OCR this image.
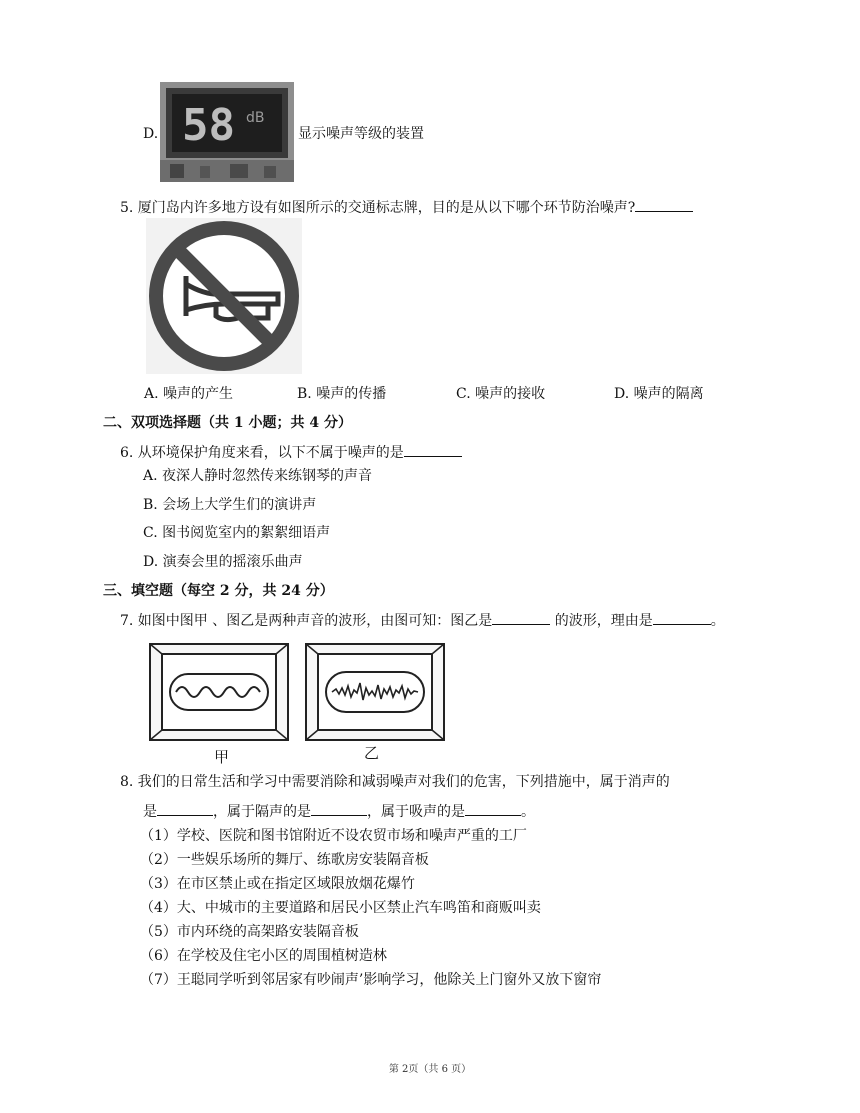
D. 58 dB
显示噪声等级的装置
5. 厦门岛内许多地方设有如图所示的交通标志牌，目的是从以下哪个环节防治噪声?
A. 噪声的产生	B. 噪声的传播	C. 噪声的接收	D. 噪声的隔离
二、双项选择题（共 1 小题；共 4 分）
6. 从环境保护角度来看，以下不属于噪声的是
A. 夜深人静时忽然传来练钢琴的声音
B. 会场上大学生们的演讲声
C. 图书阅览室内的絮絮细语声
D. 演奏会里的摇滚乐曲声
三、填空题（每空 2 分，共 24 分）
7. 如图中图甲 、图乙是两种声音的波形，由图可知：图乙是	的波形，理由是	。
甲	乙
8. 我们的日常生活和学习中需要消除和减弱噪声对我们的危害，下列措施中，属于消声的
是	，属于隔声的是	，属于吸声的是	。
（1）学校、医院和图书馆附近不设农贸市场和噪声严重的工厂
（2）一些娱乐场所的舞厅、练歌房安装隔音板
（3）在市区禁止或在指定区域限放烟花爆竹
（4）大、中城市的主要道路和居民小区禁止汽车鸣笛和商贩叫卖
（5）市内环绕的高架路安装隔音板
（6）在学校及住宅小区的周围植树造林
（7）王聪同学听到邻居家有吵闹声’影响学习，他除关上门窗外又放下窗帘
第 2页（共 6 页）
